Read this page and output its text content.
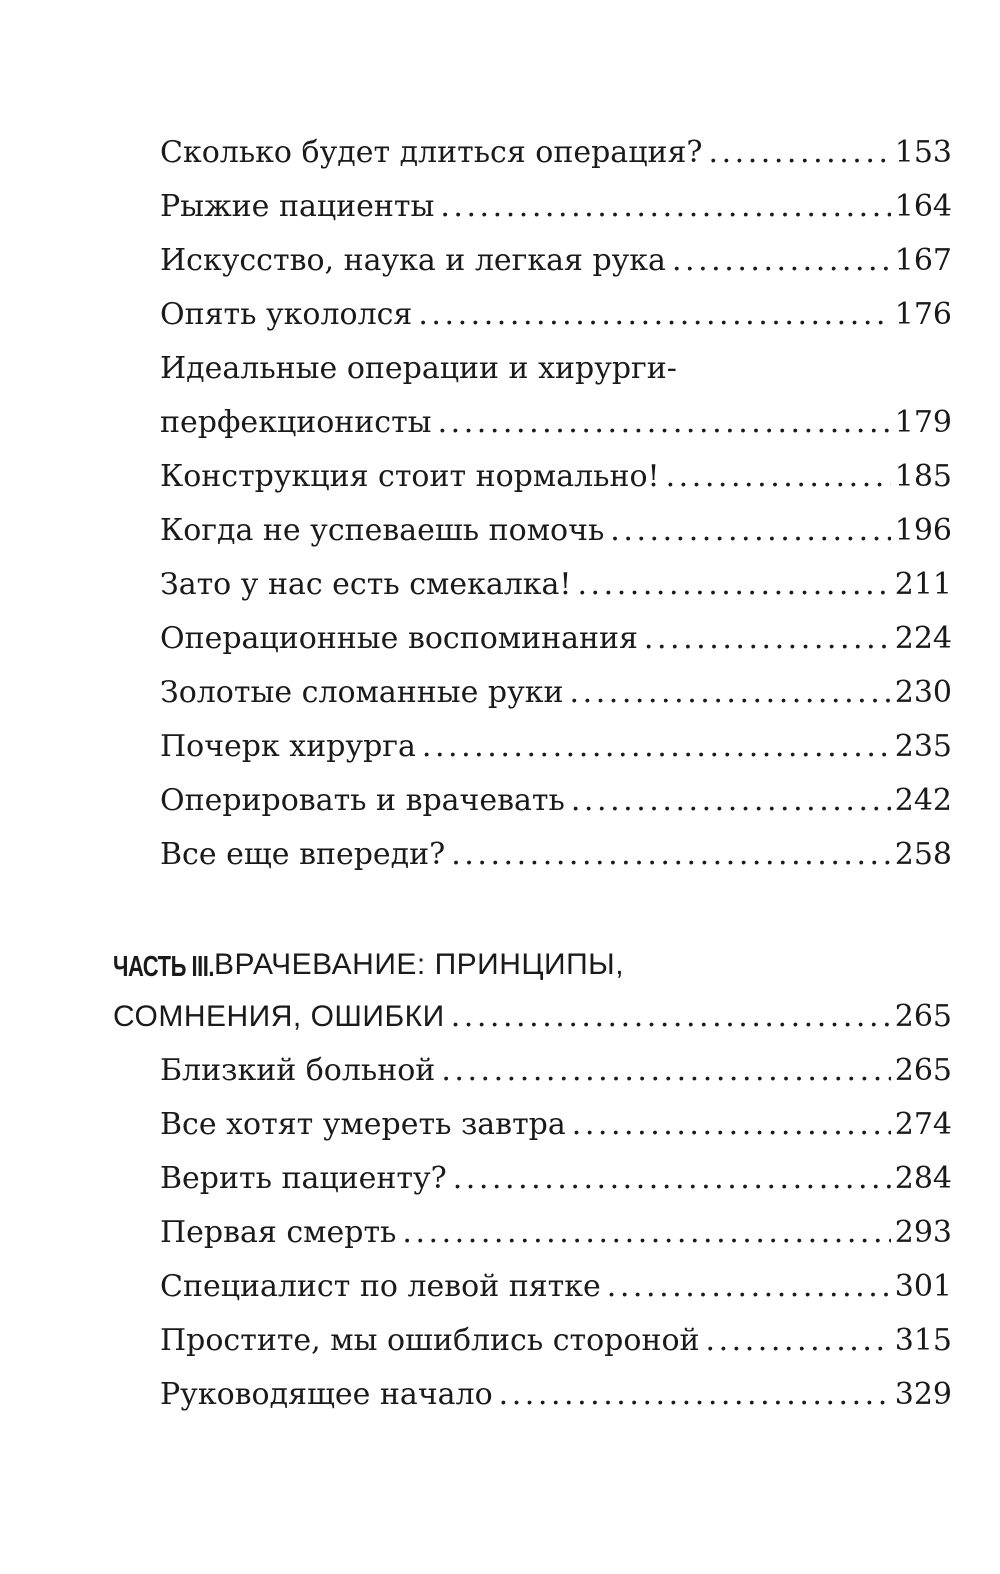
Сколько будет длиться операция? . . .	153
Рыжие пациенты . . .	164
Искусство, наука и легкая рука . . .	167
Опять укололся . . .	176
Идеальные операции и хирурги-
перфекционисты . . .	179
Конструкция стоит нормально! . . .	185
Когда не успеваешь помочь . . .	196
Зато у нас есть смекалка! . . .	211
Операционные воспоминания . . .	224
Золотые сломанные руки . . .	230
Почерк хирурга . . .	235
Оперировать и врачевать . . .	242
Все еще впереди? . . .	258
ЧАСТЬ III.ВРАЧЕВАНИЕ: ПРИНЦИПЫ,
СОМНЕНИЯ, ОШИБКИ . . .	265
Близкий больной . . .	265
Все хотят умереть завтра . . .	274
Верить пациенту? . . .	284
Первая смерть . . .	293
Специалист по левой пятке . . .	301
Простите, мы ошиблись стороной . . .	315
Руководящее начало . . .	329
